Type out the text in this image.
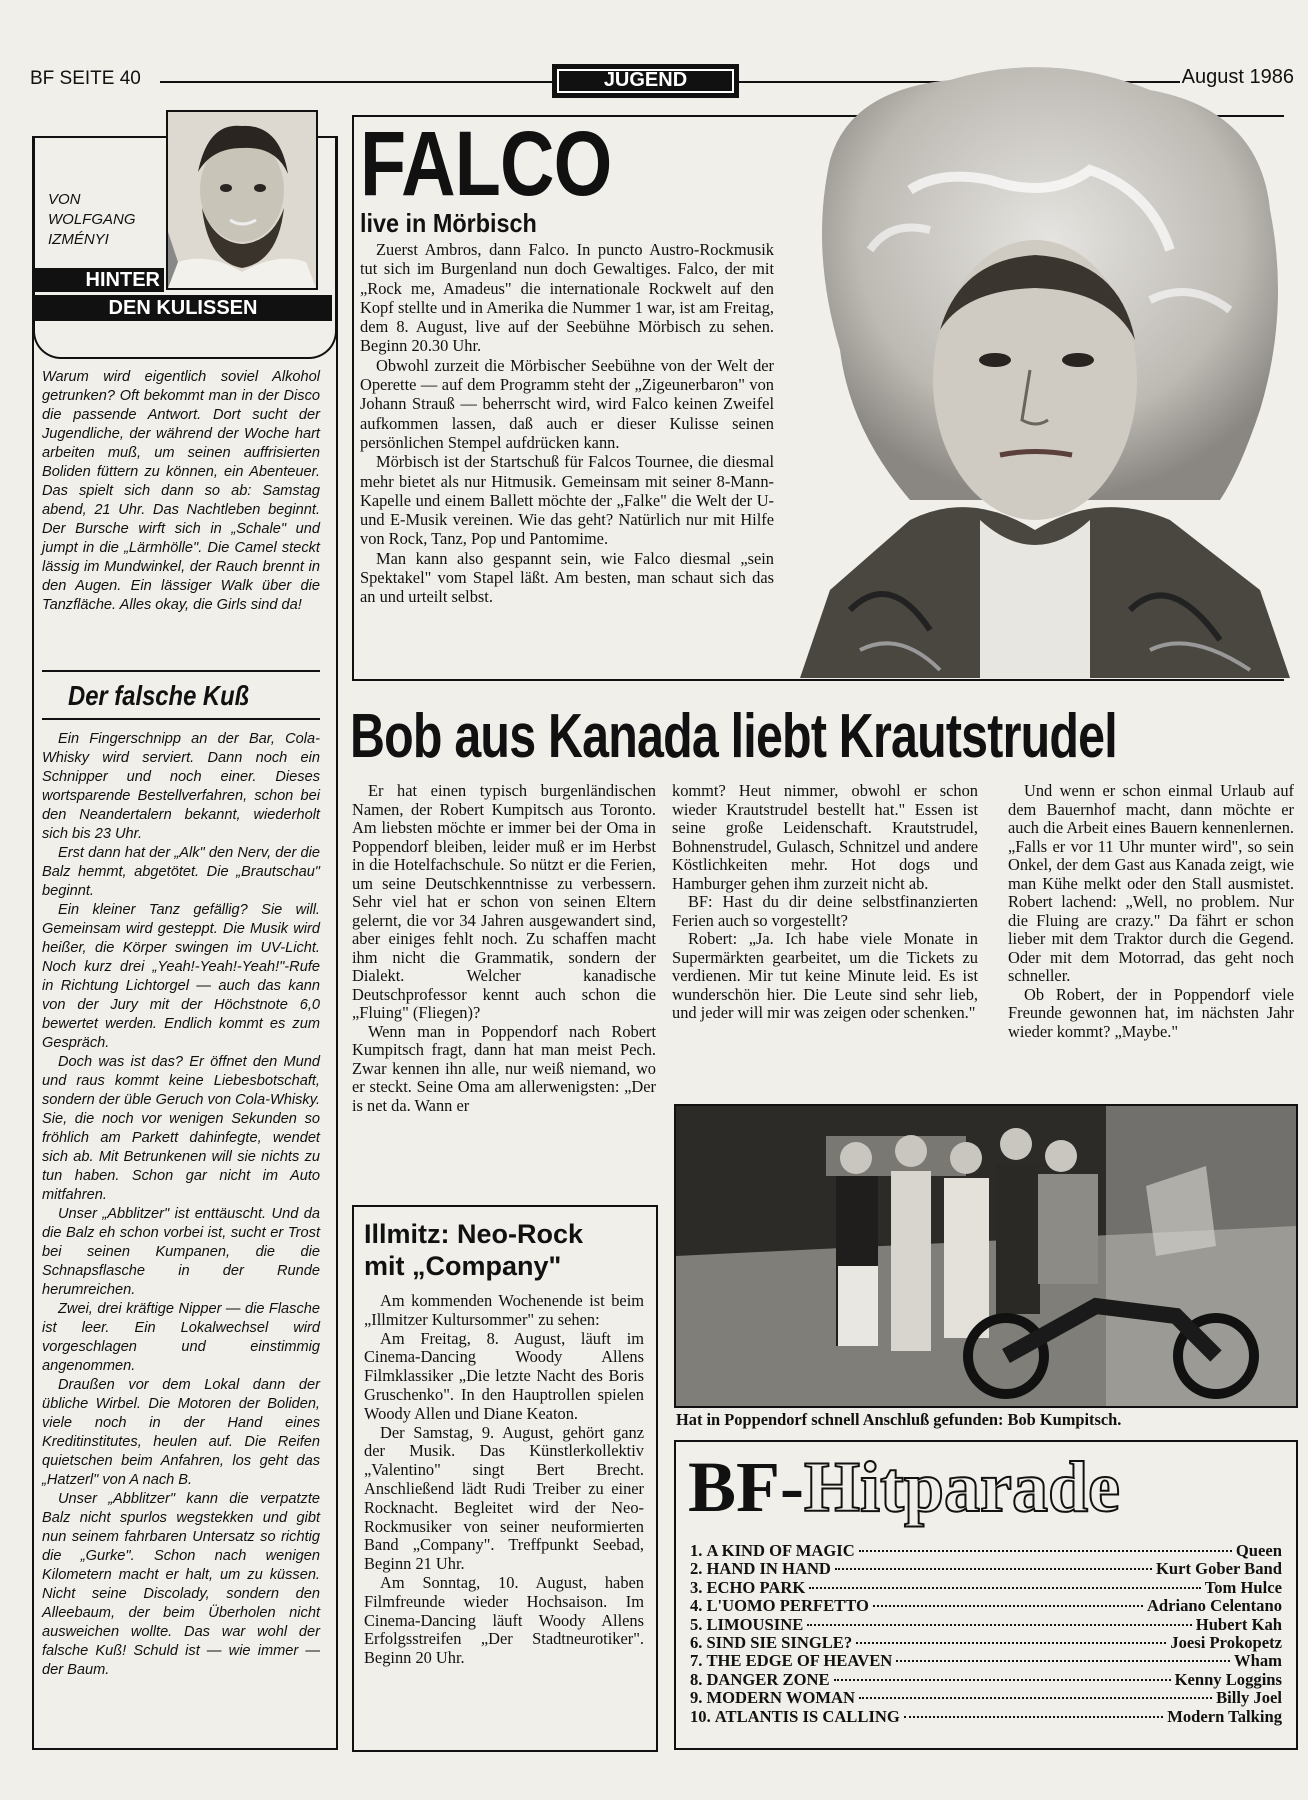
BF SEITE 40	JUGEND	August 1986
VON
WOLFGANG
IZMÉNYI
HINTER
DEN KULISSEN
Warum wird eigentlich soviel Alkohol getrunken? Oft bekommt man in der Disco die passende Antwort. Dort sucht der Jugendliche, der während der Woche hart arbeiten muß, um seinen auffrisierten Boliden füttern zu können, ein Abenteuer. Das spielt sich dann so ab: Samstag abend, 21 Uhr. Das Nachtleben beginnt. Der Bursche wirft sich in „Schale" und jumpt in die „Lärmhölle". Die Camel steckt lässig im Mundwinkel, der Rauch brennt in den Augen. Ein lässiger Walk über die Tanzfläche. Alles okay, die Girls sind da!
Der falsche Kuß

Ein Fingerschnipp an der Bar, Cola-Whisky wird serviert. Dann noch ein Schnipper und noch einer. Dieses wortsparende Bestellverfahren, schon bei den Neandertalern bekannt, wiederholt sich bis 23 Uhr.

Erst dann hat der „Alk" den Nerv, der die Balz hemmt, abgetötet. Die „Brautschau" beginnt.

Ein kleiner Tanz gefällig? Sie will. Gemeinsam wird gesteppt. Die Musik wird heißer, die Körper swingen im UV-Licht. Noch kurz drei „Yeah!-Yeah!-Yeah!"-Rufe in Richtung Lichtorgel — auch das kann von der Jury mit der Höchstnote 6,0 bewertet werden. Endlich kommt es zum Gespräch.

Doch was ist das? Er öffnet den Mund und raus kommt keine Liebesbotschaft, sondern der üble Geruch von Cola-Whisky. Sie, die noch vor wenigen Sekunden so fröhlich am Parkett dahinfegte, wendet sich ab. Mit Betrunkenen will sie nichts zu tun haben. Schon gar nicht im Auto mitfahren.

Unser „Abblitzer" ist enttäuscht. Und da die Balz eh schon vorbei ist, sucht er Trost bei seinen Kumpanen, die die Schnapsflasche in der Runde herumreichen.

Zwei, drei kräftige Nipper — die Flasche ist leer. Ein Lokalwechsel wird vorgeschlagen und einstimmig angenommen.

Draußen vor dem Lokal dann der übliche Wirbel. Die Motoren der Boliden, viele noch in der Hand eines Kreditinstitutes, heulen auf. Die Reifen quietschen beim Anfahren, los geht das „Hatzerl" von A nach B.

Unser „Abblitzer" kann die verpatzte Balz nicht spurlos wegstekken und gibt nun seinem fahrbaren Untersatz so richtig die „Gurke". Schon nach wenigen Kilometern macht er halt, um zu küssen. Nicht seine Discolady, sondern den Alleebaum, der beim Überholen nicht ausweichen wollte. Das war wohl der falsche Kuß! Schuld ist — wie immer — der Baum.

FALCO
live in Mörbisch

Zuerst Ambros, dann Falco. In puncto Austro-Rockmusik tut sich im Burgenland nun doch Gewaltiges. Falco, der mit „Rock me, Amadeus" die internationale Rockwelt auf den Kopf stellte und in Amerika die Nummer 1 war, ist am Freitag, dem 8. August, live auf der Seebühne Mörbisch zu sehen. Beginn 20.30 Uhr.

Obwohl zurzeit die Mörbischer Seebühne von der Welt der Operette — auf dem Programm steht der „Zigeunerbaron" von Johann Strauß — beherrscht wird, wird Falco keinen Zweifel aufkommen lassen, daß auch er dieser Kulisse seinen persönlichen Stempel aufdrücken kann.

Mörbisch ist der Startschuß für Falcos Tournee, die diesmal mehr bietet als nur Hitmusik. Gemeinsam mit seiner 8-Mann-Kapelle und einem Ballett möchte der „Falke" die Welt der U- und E-Musik vereinen. Wie das geht? Natürlich nur mit Hilfe von Rock, Tanz, Pop und Pantomime.

Man kann also gespannt sein, wie Falco diesmal „sein Spektakel" vom Stapel läßt. Am besten, man schaut sich das an und urteilt selbst.

Bob aus Kanada liebt Krautstrudel

Er hat einen typisch burgenländischen Namen, der Robert Kumpitsch aus Toronto. Am liebsten möchte er immer bei der Oma in Poppendorf bleiben, leider muß er im Herbst in die Hotelfachschule. So nützt er die Ferien, um seine Deutschkenntnisse zu verbessern. Sehr viel hat er schon von seinen Eltern gelernt, die vor 34 Jahren ausgewandert sind, aber einiges fehlt noch. Zu schaffen macht ihm nicht die Grammatik, sondern der Dialekt. Welcher kanadische Deutschprofessor kennt auch schon die „Fluing" (Fliegen)?

Wenn man in Poppendorf nach Robert Kumpitsch fragt, dann hat man meist Pech. Zwar kennen ihn alle, nur weiß niemand, wo er steckt. Seine Oma am allerwenigsten: „Der is net da. Wann er

kommt? Heut nimmer, obwohl er schon wieder Krautstrudel bestellt hat." Essen ist seine große Leidenschaft. Krautstrudel, Bohnenstrudel, Gulasch, Schnitzel und andere Köstlichkeiten mehr. Hot dogs und Hamburger gehen ihm zurzeit nicht ab.

BF: Hast du dir deine selbstfinanzierten Ferien auch so vorgestellt?

Robert: „Ja. Ich habe viele Monate in Supermärkten gearbeitet, um die Tickets zu verdienen. Mir tut keine Minute leid. Es ist wunderschön hier. Die Leute sind sehr lieb, und jeder will mir was zeigen oder schenken."

Und wenn er schon einmal Urlaub auf dem Bauernhof macht, dann möchte er auch die Arbeit eines Bauern kennenlernen. „Falls er vor 11 Uhr munter wird", so sein Onkel, der dem Gast aus Kanada zeigt, wie man Kühe melkt oder den Stall ausmistet. Robert lachend: „Well, no problem. Nur die Fluing are crazy." Da fährt er schon lieber mit dem Traktor durch die Gegend. Oder mit dem Motorrad, das geht noch schneller.

Ob Robert, der in Poppendorf viele Freunde gewonnen hat, im nächsten Jahr wieder kommt? „Maybe."

Hat in Poppendorf schnell Anschluß gefunden: Bob Kumpitsch.
Illmitz: Neo-Rock
mit „Company"

Am kommenden Wochenende ist beim „Illmitzer Kultursommer" zu sehen:

Am Freitag, 8. August, läuft im Cinema-Dancing Woody Allens Filmklassiker „Die letzte Nacht des Boris Gruschenko". In den Hauptrollen spielen Woody Allen und Diane Keaton.

Der Samstag, 9. August, gehört ganz der Musik. Das Künstlerkollektiv „Valentino" singt Bert Brecht. Anschließend lädt Rudi Treiber zu einer Rocknacht. Begleitet wird der Neo-Rockmusiker von seiner neuformierten Band „Company". Treffpunkt Seebad, Beginn 21 Uhr.

Am Sonntag, 10. August, haben Filmfreunde wieder Hochsaison. Im Cinema-Dancing läuft Woody Allens Erfolgsstreifen „Der Stadtneurotiker". Beginn 20 Uhr.

BF-Hitparade
1. A KIND OF MAGIC	Queen
2. HAND IN HAND	Kurt Gober Band
3. ECHO PARK	Tom Hulce
4. L'UOMO PERFETTO	Adriano Celentano
5. LIMOUSINE	Hubert Kah
6. SIND SIE SINGLE?	Joesi Prokopetz
7. THE EDGE OF HEAVEN	Wham
8. DANGER ZONE	Kenny Loggins
9. MODERN WOMAN	Billy Joel
10. ATLANTIS IS CALLING	Modern Talking
